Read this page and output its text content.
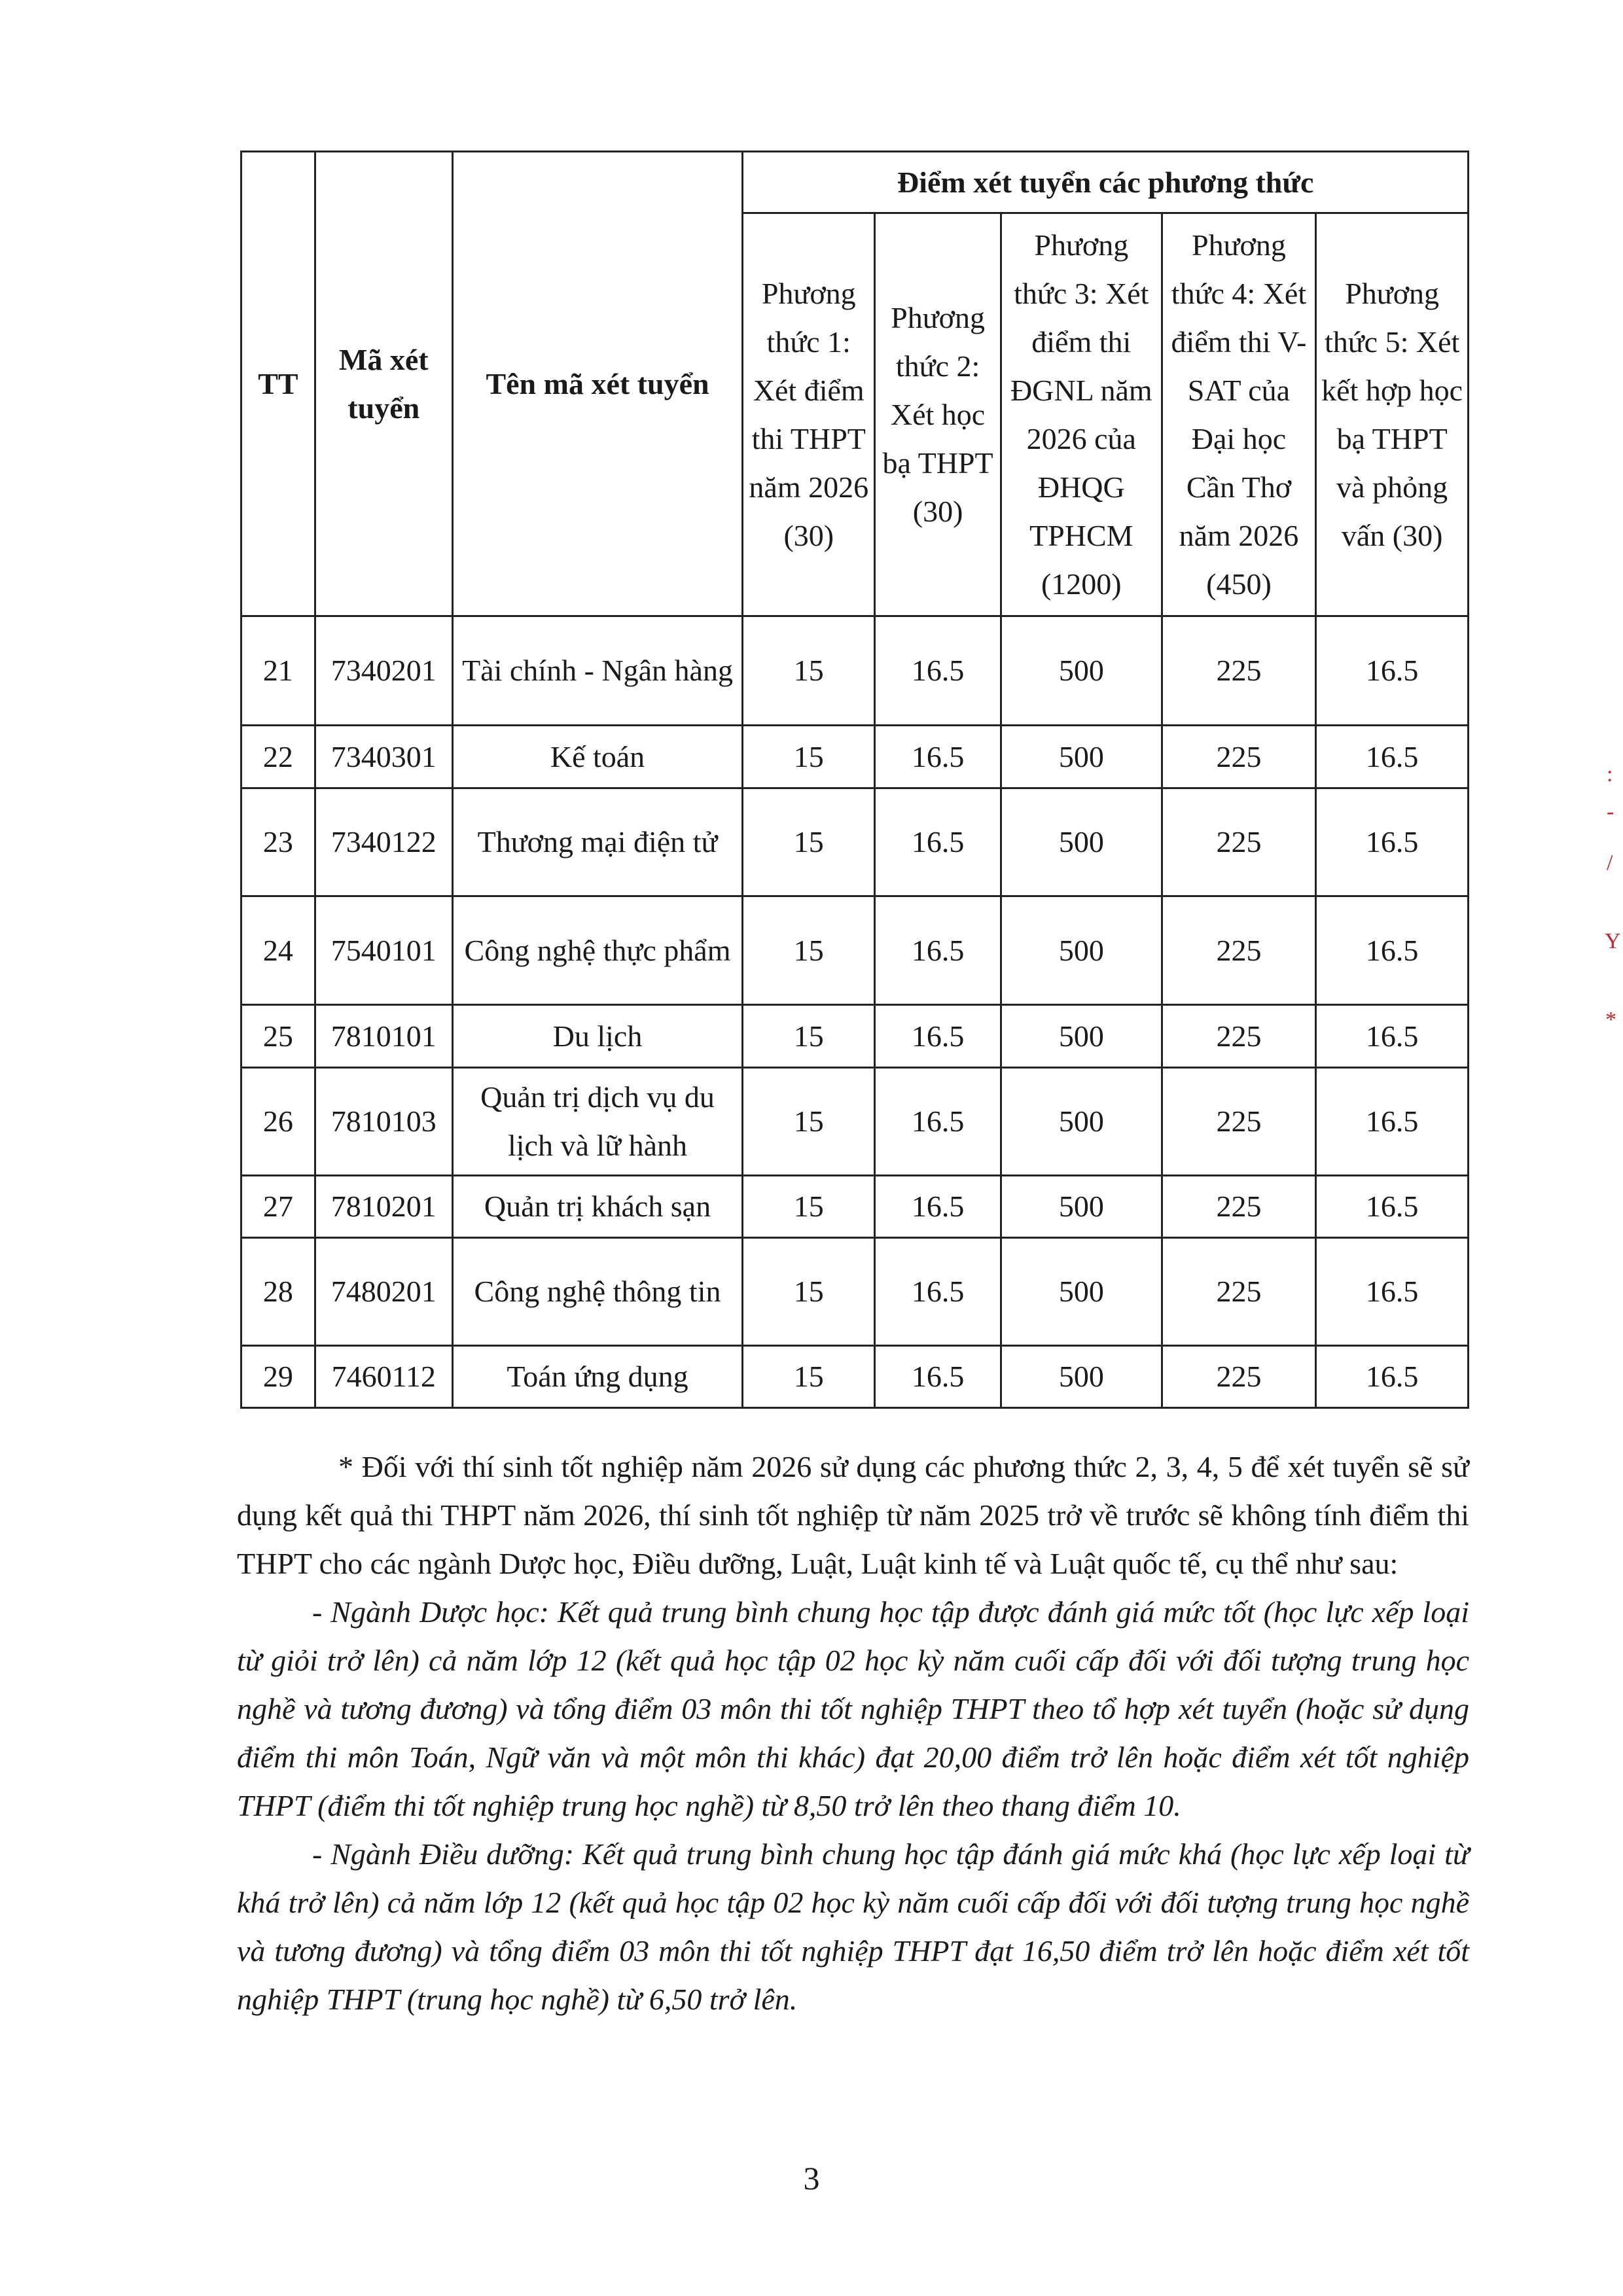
TT	Mã xét tuyển	Tên mã xét tuyển	Điểm xét tuyển các phương thức				
			Phương thức 1: Xét điểm thi THPT năm 2026 (30)	Phương thức 2: Xét học bạ THPT (30)	Phương thức 3: Xét điểm thi ĐGNL năm 2026 của ĐHQG TPHCM (1200)	Phương thức 4: Xét điểm thi V-SAT của Đại học Cần Thơ năm 2026 (450)	Phương thức 5: Xét kết hợp học bạ THPT và phỏng vấn (30)
21	7340201	Tài chính - Ngân hàng	15	16.5	500	225	16.5
22	7340301	Kế toán	15	16.5	500	225	16.5
23	7340122	Thương mại điện tử	15	16.5	500	225	16.5
24	7540101	Công nghệ thực phẩm	15	16.5	500	225	16.5
25	7810101	Du lịch	15	16.5	500	225	16.5
26	7810103	Quản trị dịch vụ du lịch và lữ hành	15	16.5	500	225	16.5
27	7810201	Quản trị khách sạn	15	16.5	500	225	16.5
28	7480201	Công nghệ thông tin	15	16.5	500	225	16.5
29	7460112	Toán ứng dụng	15	16.5	500	225	16.5

* Đối với thí sinh tốt nghiệp năm 2026 sử dụng các phương thức 2, 3, 4, 5 để xét tuyển sẽ sử dụng kết quả thi THPT năm 2026, thí sinh tốt nghiệp từ năm 2025 trở về trước sẽ không tính điểm thi THPT cho các ngành Dược học, Điều dưỡng, Luật, Luật kinh tế và Luật quốc tế, cụ thể như sau:

- Ngành Dược học: Kết quả trung bình chung học tập được đánh giá mức tốt (học lực xếp loại từ giỏi trở lên) cả năm lớp 12 (kết quả học tập 02 học kỳ năm cuối cấp đối với đối tượng trung học nghề và tương đương) và tổng điểm 03 môn thi tốt nghiệp THPT theo tổ hợp xét tuyển (hoặc sử dụng điểm thi môn Toán, Ngữ văn và một môn thi khác) đạt 20,00 điểm trở lên hoặc điểm xét tốt nghiệp THPT (điểm thi tốt nghiệp trung học nghề) từ 8,50 trở lên theo thang điểm 10.

- Ngành Điều dưỡng: Kết quả trung bình chung học tập đánh giá mức khá (học lực xếp loại từ khá trở lên) cả năm lớp 12 (kết quả học tập 02 học kỳ năm cuối cấp đối với đối tượng trung học nghề và tương đương) và tổng điểm 03 môn thi tốt nghiệp THPT đạt 16,50 điểm trở lên hoặc điểm xét tốt nghiệp THPT (trung học nghề) từ 6,50 trở lên.

3
:
-
/
Y
*
